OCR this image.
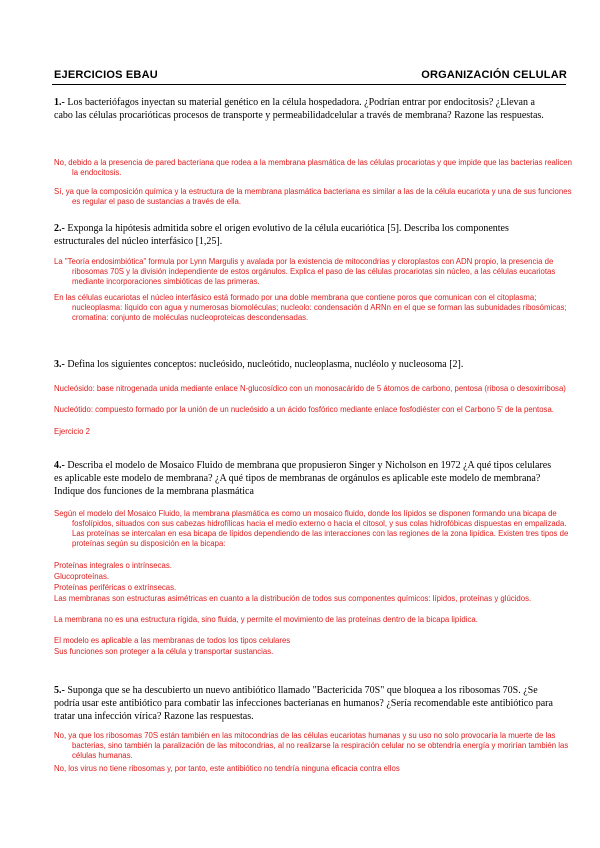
EJERCICIOS EBAU	ORGANIZACIÓN CELULAR

1.- Los bacteriófagos inyectan su material genético en la célula hospedadora. ¿Podrían entrar por endocitosis? ¿Llevan a cabo las células procarióticas procesos de transporte y permeabilidadcelular a través de membrana? Razone las respuestas.

No, debido a la presencia de pared bacteriana que rodea a la membrana plasmática de las células procariotas y que impide que las bacterias realicen la endocitosis.

Sí, ya que la composición química y la estructura de la membrana plasmática bacteriana es similar a las de la célula eucariota y una de sus funciones es regular el paso de sustancias a través de ella.

2.- Exponga la hipótesis admitida sobre el origen evolutivo de la célula eucariótica [5]. Describa los componentes estructurales del núcleo interfásico [1,25].

La "Teoría endosimbiótica" formula por Lynn Margulis y avalada por la existencia de mitocondrias y cloroplastos con ADN propio, la presencia de ribosomas 70S y la división independiente de estos orgánulos. Explica el paso de las células procariotas sin núcleo, a las células eucariotas mediante incorporaciones simbióticas de las primeras.

En las células eucariotas el núcleo interfásico está formado por una doble membrana que contiene poros que comunican con el citoplasma; nucleoplasma: líquido con agua y numerosas biomoléculas; nucleolo: condensación d ARNn en el que se forman las subunidades ribosómicas; cromatina: conjunto de moléculas nucleoproteicas descondensadas.

3.- Defina los siguientes conceptos: nucleósido, nucleótido, nucleoplasma, nucléolo y nucleosoma [2].

Nucleósido: base nitrogenada unida mediante enlace N-glucosídico con un monosacárido de 5 átomos de carbono, pentosa (ribosa o desoxirribosa)

Nucleótido: compuesto formado por la unión de un nucleósido a un ácido fosfórico mediante enlace fosfodiéster con el Carbono 5' de la pentosa.

Ejercicio 2

4.- Describa el modelo de Mosaico Fluido de membrana que propusieron Singer y Nicholson en 1972 ¿A qué tipos celulares es aplicable este modelo de membrana? ¿A qué tipos de membranas de orgánulos es aplicable este modelo de membrana? Indique dos funciones de la membrana plasmática

Según el modelo del Mosaico Fluido, la membrana plasmática es como un mosaico fluido, donde los lípidos se disponen formando una bicapa de fosfolípidos, situados con sus cabezas hidrofílicas hacia el medio externo o hacia el citosol, y sus colas hidrofóbicas dispuestas en empalizada. Las proteínas se intercalan en esa bicapa de lípidos dependiendo de las interacciones con las regiones de la zona lipídica. Existen tres tipos de proteínas según su disposición en la bicapa:

Proteínas integrales o intrínsecas.

Glucoproteínas.

Proteínas periféricas o extrínsecas.

Las membranas son estructuras asimétricas en cuanto a la distribución de todos sus componentes químicos: lípidos, proteínas y glúcidos.

La membrana no es una estructura rígida, sino fluida, y permite el movimiento de las proteínas dentro de la bicapa lipídica.

El modelo es aplicable a las membranas de todos los tipos celulares

Sus funciones son proteger a la célula y transportar sustancias.

5.- Suponga que se ha descubierto un nuevo antibiótico llamado "Bactericida 70S" que bloquea a los ribosomas 70S. ¿Se podría usar este antibiótico para combatir las infecciones bacterianas en humanos? ¿Sería recomendable este antibiótico para tratar una infección vírica? Razone las respuestas.

No, ya que los ribosomas 70S están también en las mitocondrias de las células eucariotas humanas y su uso no solo provocaría la muerte de las bacterias, sino también la paralización de las mitocondrias, al no realizarse la respiración celular no se obtendría energía y morirían también las células humanas.

No, los virus no tiene ribosomas y, por tanto, este antibiótico no tendría ninguna eficacia contra ellos
